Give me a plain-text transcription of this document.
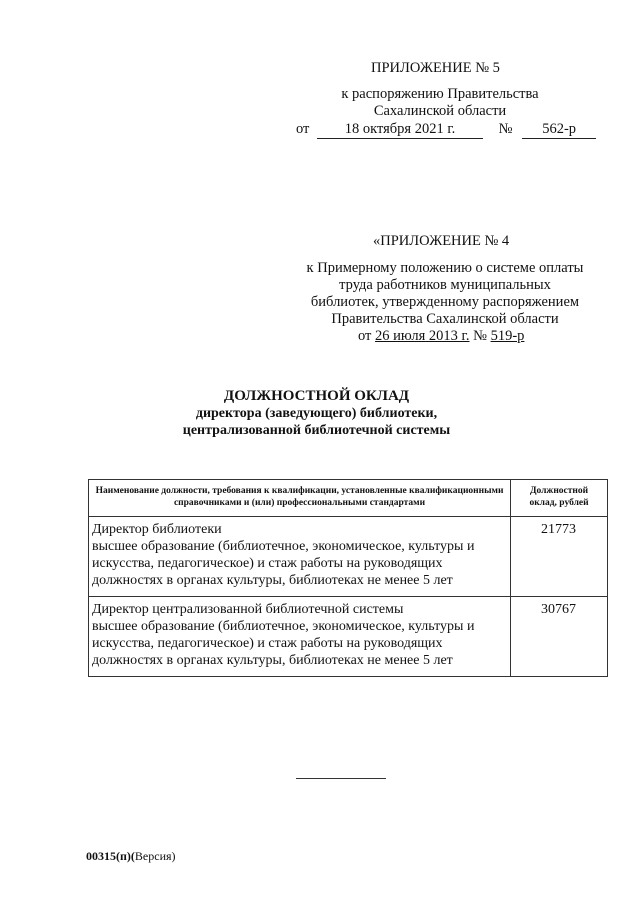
ПРИЛОЖЕНИЕ № 5
к распоряжению Правительства
Сахалинской области
от 18 октября 2021 г.	№ 562-р
«ПРИЛОЖЕНИЕ № 4
к Примерному положению о системе оплаты
труда работников муниципальных
библиотек, утвержденному распоряжением
Правительства Сахалинской области
от 26 июля 2013 г. № 519-р
ДОЛЖНОСТНОЙ ОКЛАД
директора (заведующего) библиотеки,
централизованной библиотечной системы
Наименование должности, требования к квалификации, установленные квалификационными справочниками и (или) профессиональными стандартами	Должностной оклад, рублей

Директор библиотеки
высшее образование (библиотечное, экономическое, культуры и искусства, педагогическое) и стаж работы на руководящих должностях в органах культуры, библиотеках не менее 5 лет	21773

Директор централизованной библиотечной системы
высшее образование (библиотечное, экономическое, культуры и искусства, педагогическое) и стаж работы на руководящих должностях в органах культуры, библиотеках не менее 5 лет	30767
00315(п)(Версия)
